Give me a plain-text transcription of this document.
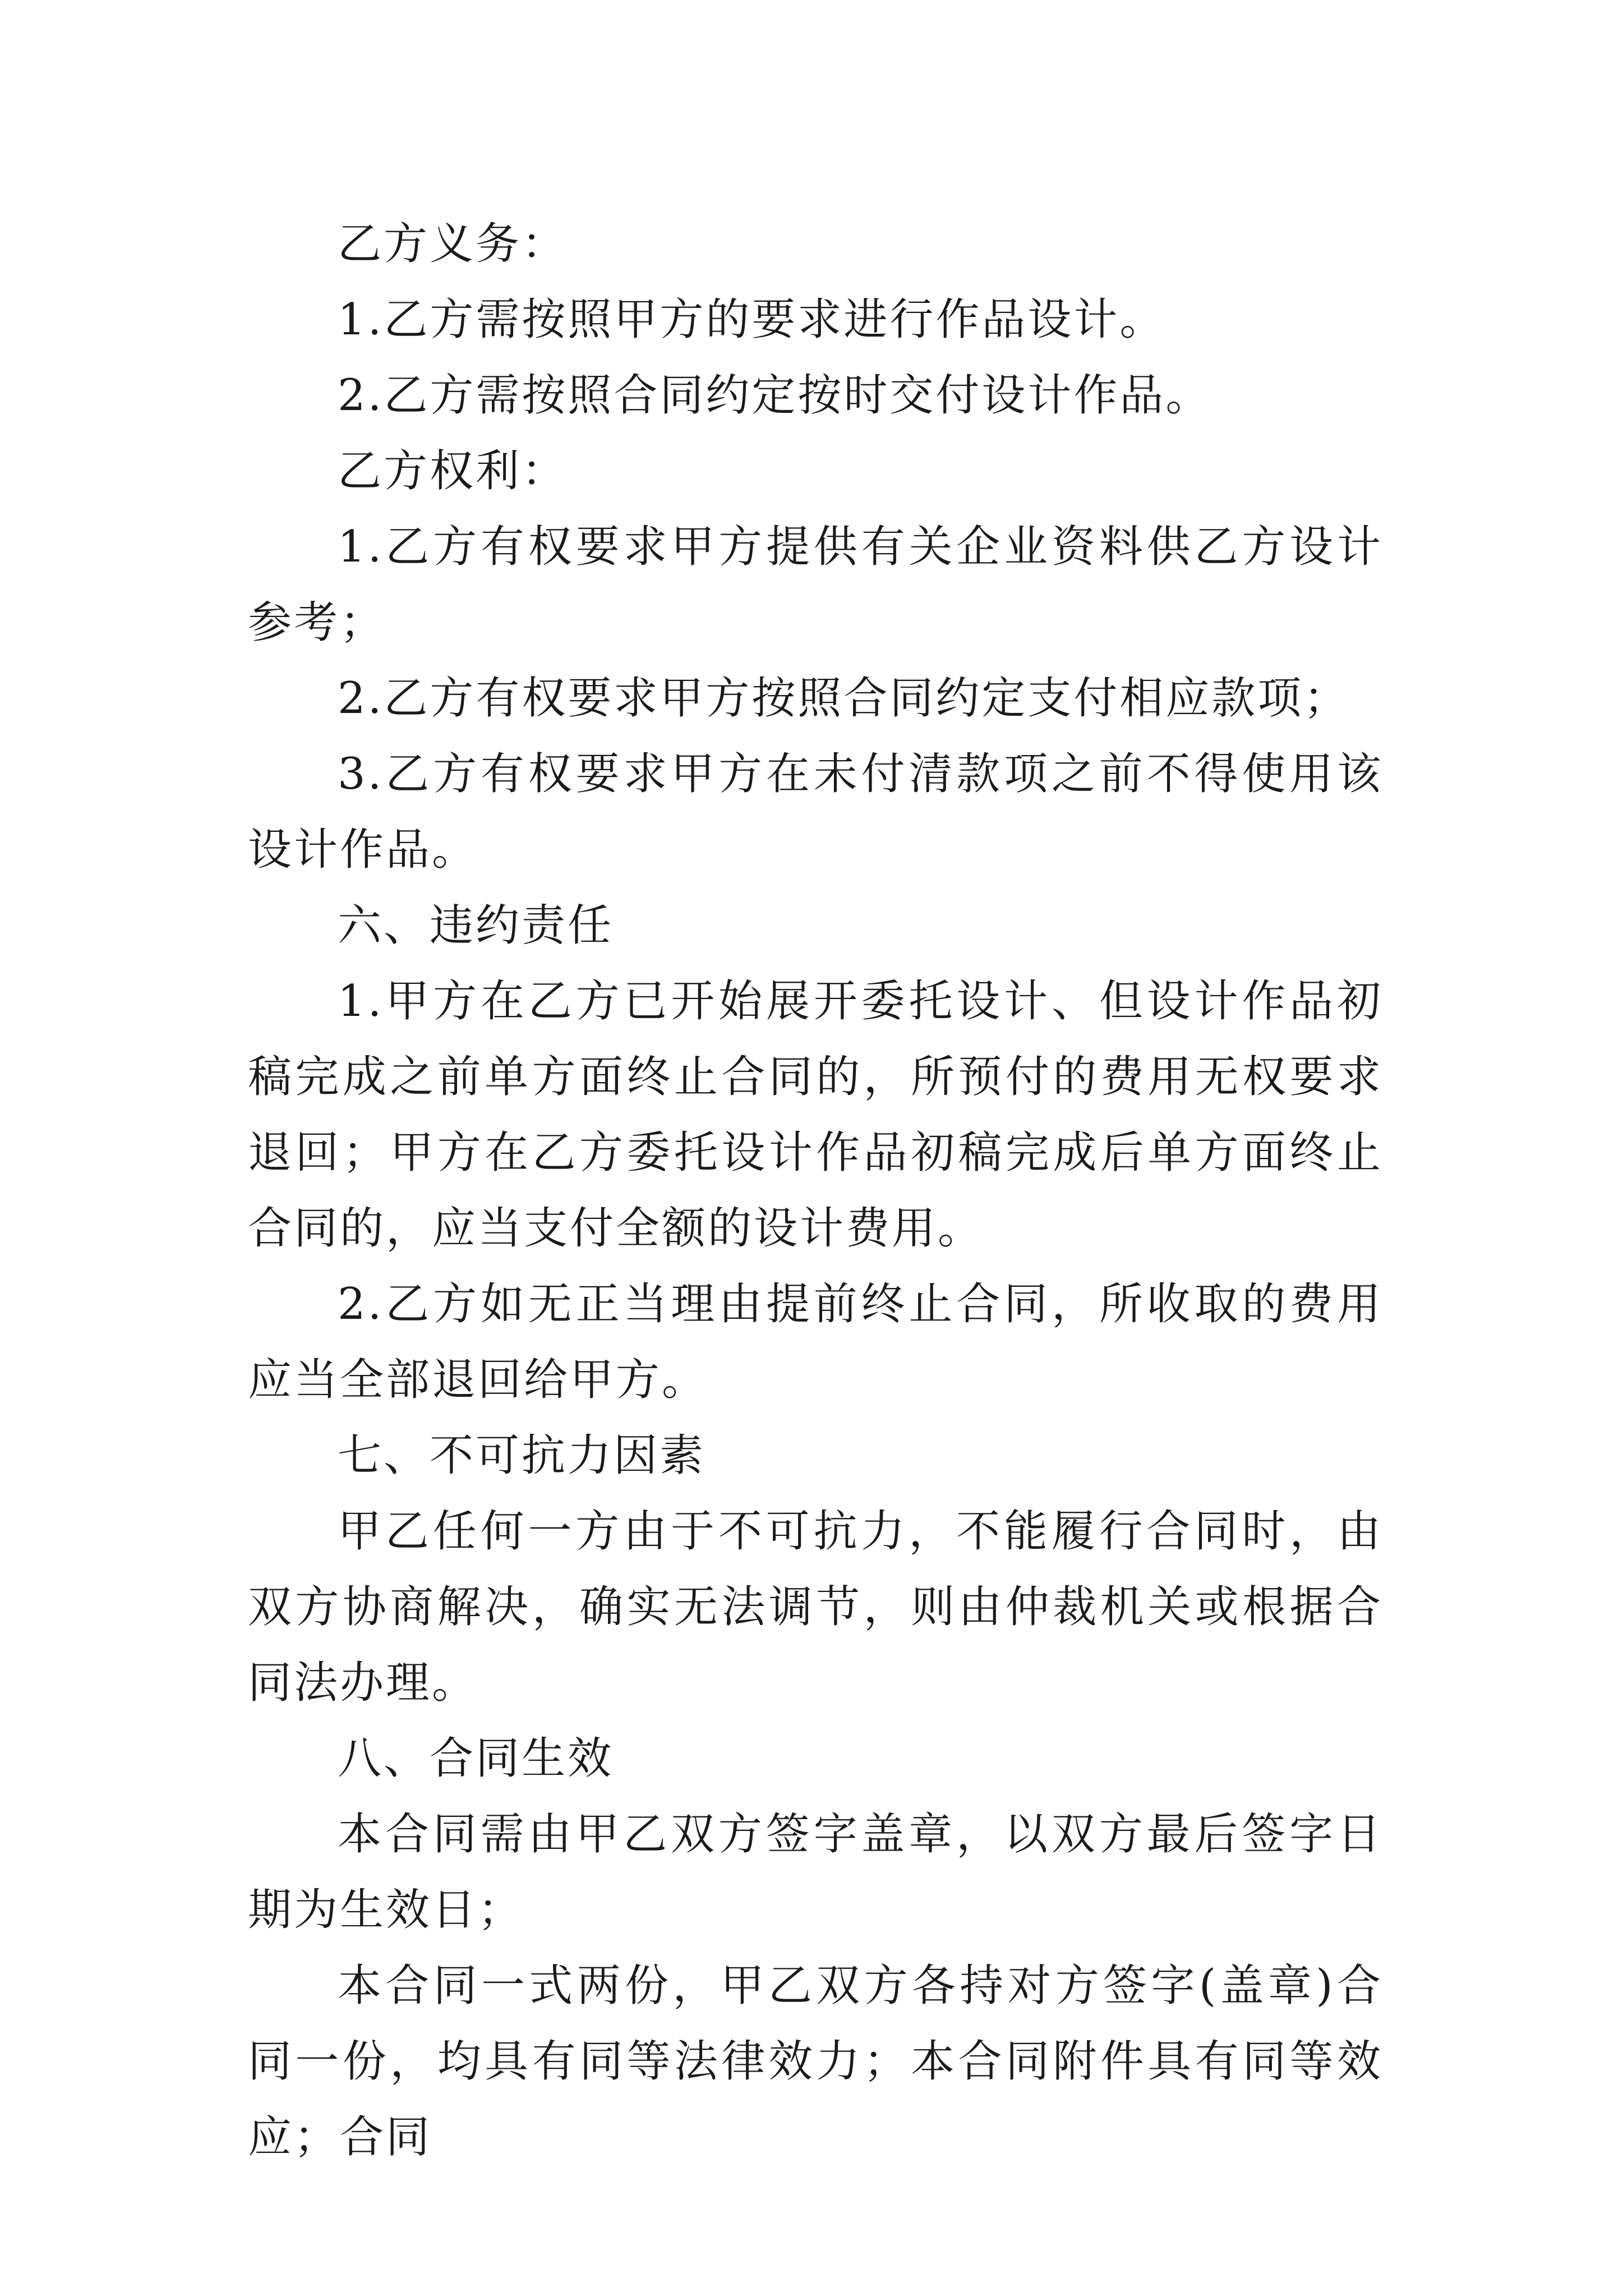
乙方义务：

1.乙方需按照甲方的要求进行作品设计。

2.乙方需按照合同约定按时交付设计作品。

乙方权利：

1.乙方有权要求甲方提供有关企业资料供乙方设计参考；

2.乙方有权要求甲方按照合同约定支付相应款项；

3.乙方有权要求甲方在未付清款项之前不得使用该设计作品。

六、违约责任

1.甲方在乙方已开始展开委托设计、但设计作品初稿完成之前单方面终止合同的，所预付的费用无权要求退回；甲方在乙方委托设计作品初稿完成后单方面终止合同的，应当支付全额的设计费用。

2.乙方如无正当理由提前终止合同，所收取的费用应当全部退回给甲方。

七、不可抗力因素

甲乙任何一方由于不可抗力，不能履行合同时，由双方协商解决，确实无法调节，则由仲裁机关或根据合同法办理。

八、合同生效

本合同需由甲乙双方签字盖章，以双方最后签字日期为生效日；

本合同一式两份，甲乙双方各持对方签字(盖章)合同一份，均具有同等法律效力；本合同附件具有同等效应；合同
